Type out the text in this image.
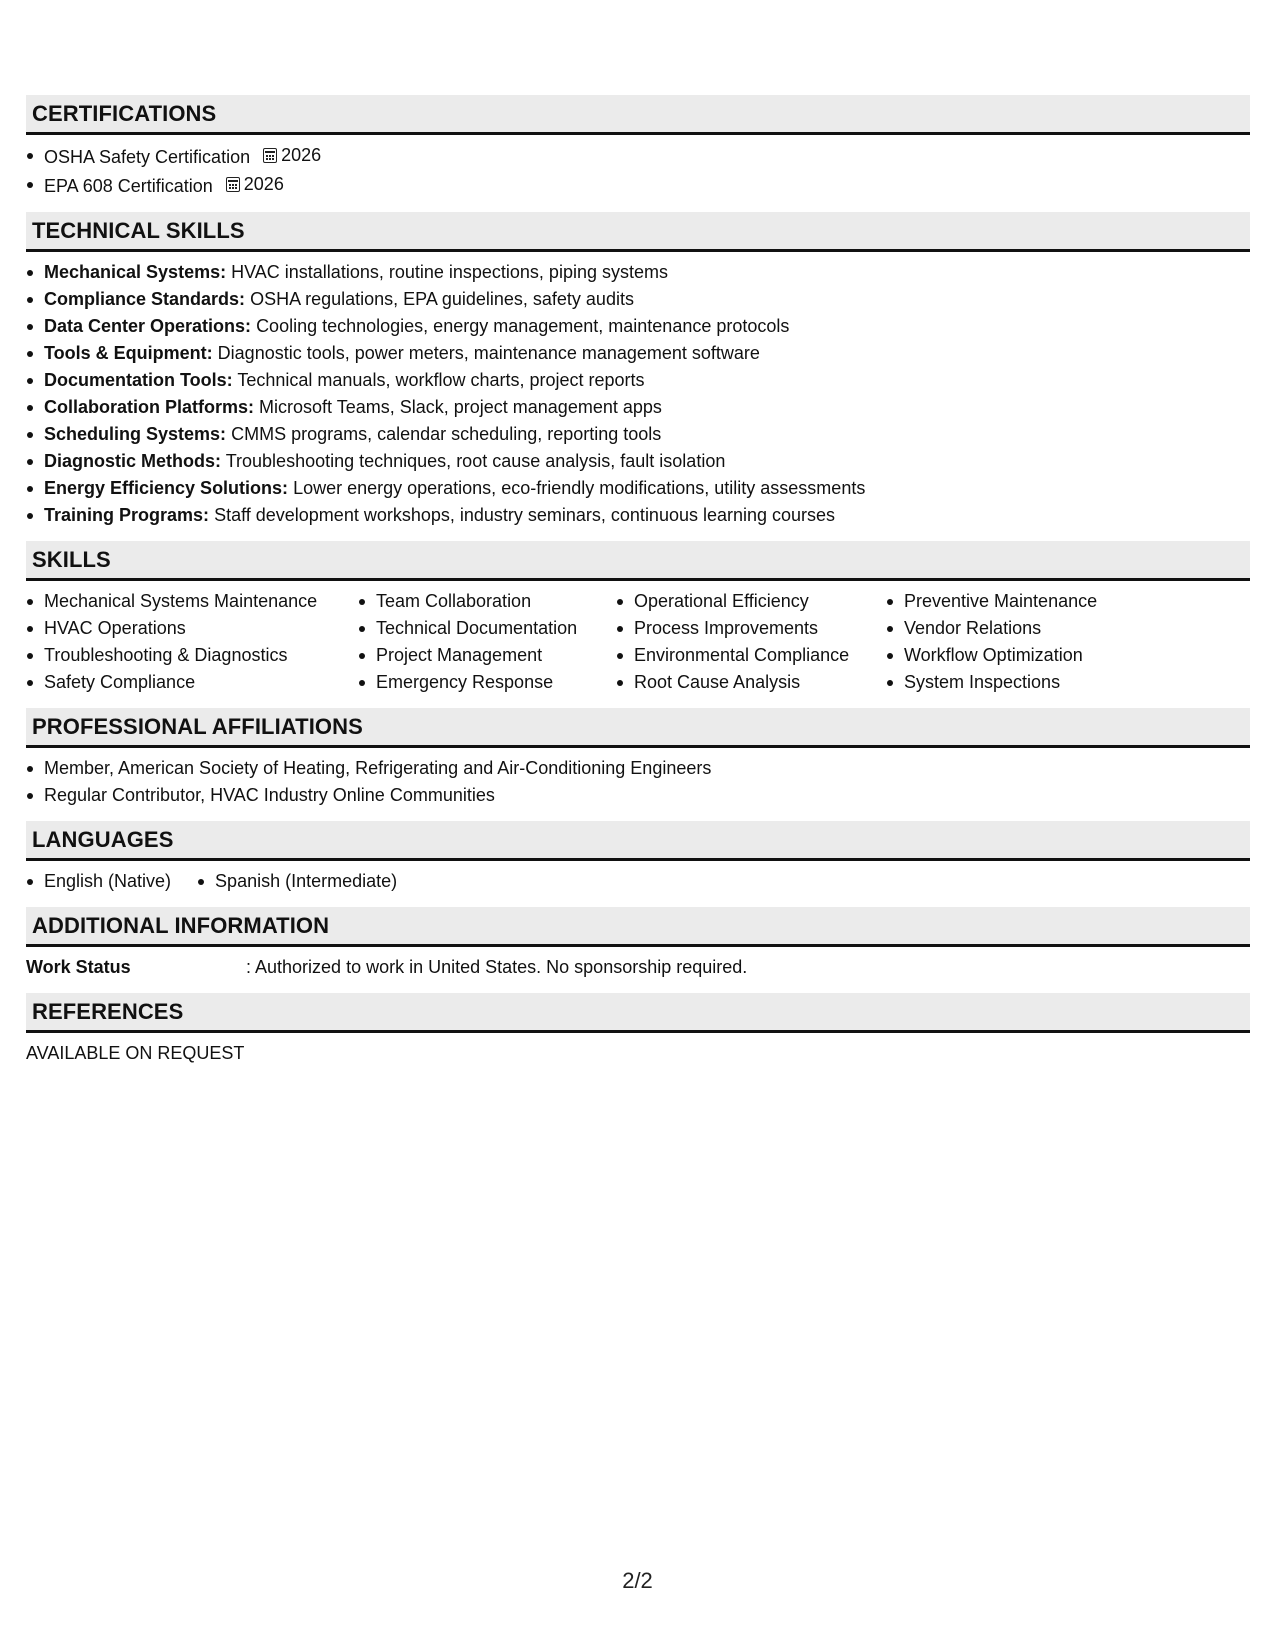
CERTIFICATIONS
OSHA Safety Certification 2026
EPA 608 Certification 2026
TECHNICAL SKILLS
Mechanical Systems: HVAC installations, routine inspections, piping systems
Compliance Standards: OSHA regulations, EPA guidelines, safety audits
Data Center Operations: Cooling technologies, energy management, maintenance protocols
Tools & Equipment: Diagnostic tools, power meters, maintenance management software
Documentation Tools: Technical manuals, workflow charts, project reports
Collaboration Platforms: Microsoft Teams, Slack, project management apps
Scheduling Systems: CMMS programs, calendar scheduling, reporting tools
Diagnostic Methods: Troubleshooting techniques, root cause analysis, fault isolation
Energy Efficiency Solutions: Lower energy operations, eco-friendly modifications, utility assessments
Training Programs: Staff development workshops, industry seminars, continuous learning courses
SKILLS
Mechanical Systems Maintenance
HVAC Operations
Troubleshooting & Diagnostics
Safety Compliance
Team Collaboration
Technical Documentation
Project Management
Emergency Response
Operational Efficiency
Process Improvements
Environmental Compliance
Root Cause Analysis
Preventive Maintenance
Vendor Relations
Workflow Optimization
System Inspections
PROFESSIONAL AFFILIATIONS
Member, American Society of Heating, Refrigerating and Air-Conditioning Engineers
Regular Contributor, HVAC Industry Online Communities
LANGUAGES
English (Native)	Spanish (Intermediate)
ADDITIONAL INFORMATION
Work Status	: Authorized to work in United States. No sponsorship required.
REFERENCES
AVAILABLE ON REQUEST
2/2
